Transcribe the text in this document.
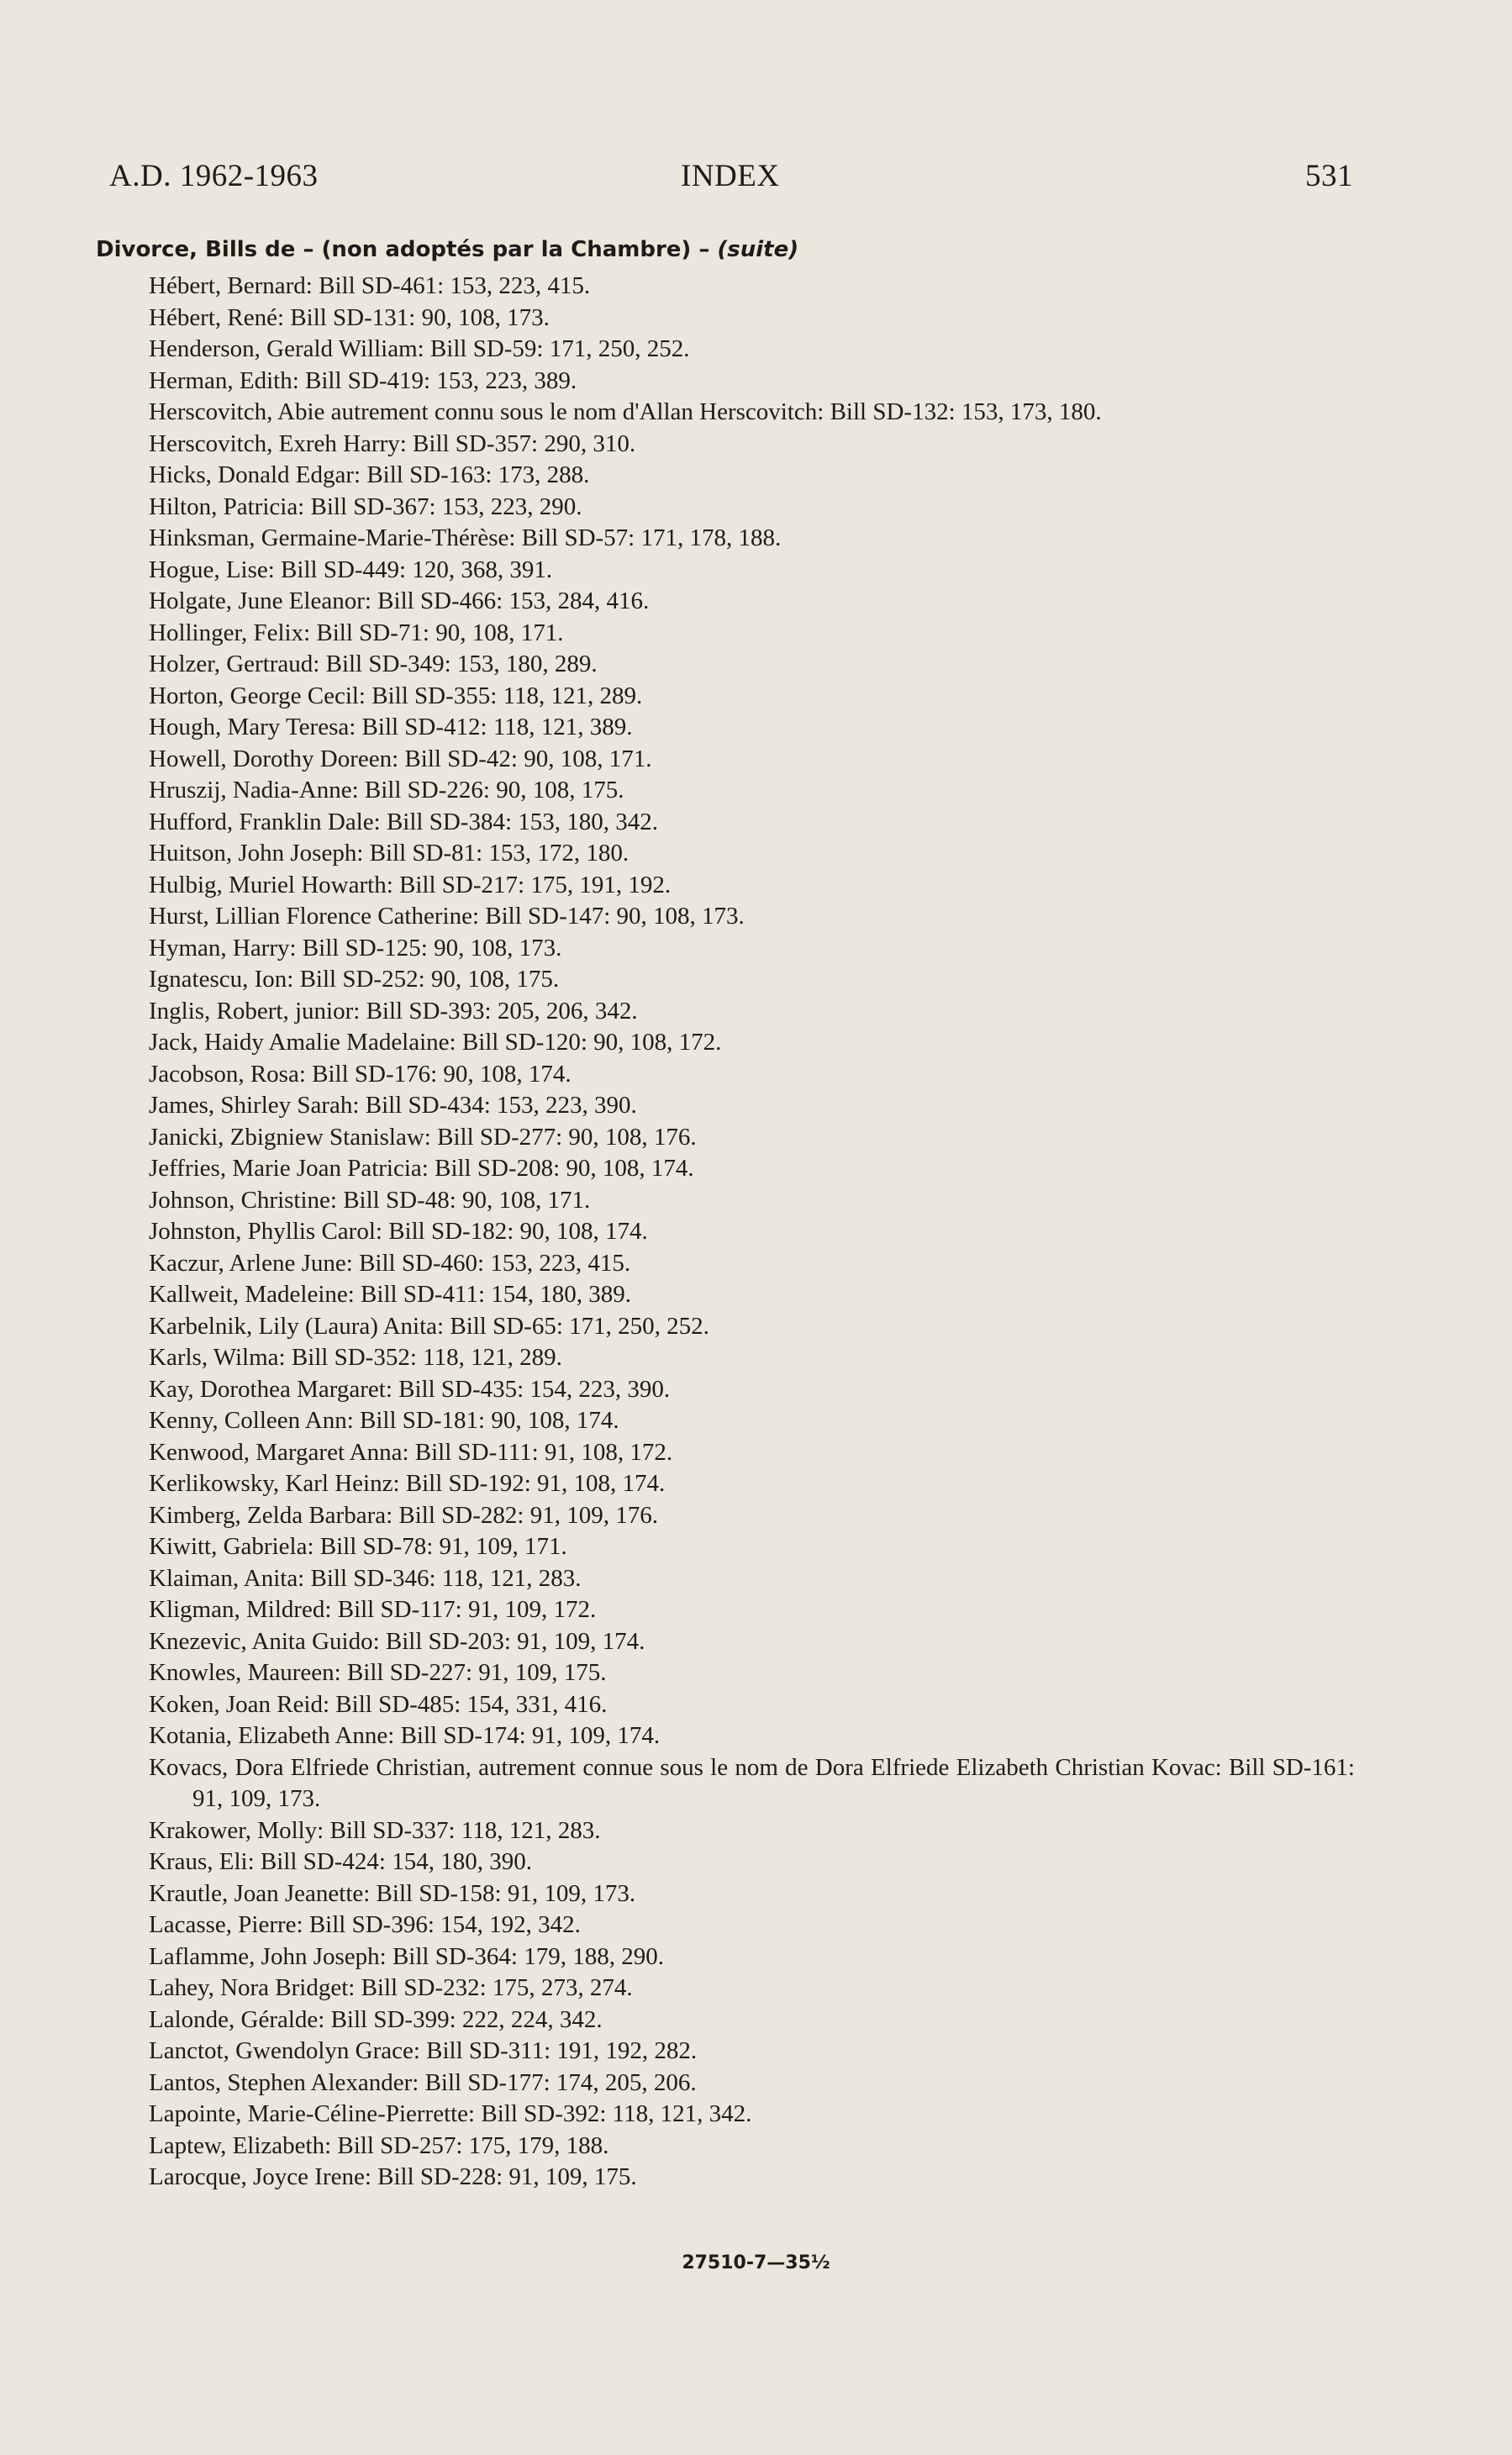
A.D. 1962-1963	INDEX	531
Divorce, Bills de – (non adoptés par la Chambre) – (suite)
Hébert, Bernard: Bill SD-461: 153, 223, 415.
Hébert, René: Bill SD-131: 90, 108, 173.
Henderson, Gerald William: Bill SD-59: 171, 250, 252.
Herman, Edith: Bill SD-419: 153, 223, 389.
Herscovitch, Abie autrement connu sous le nom d'Allan Herscovitch: Bill SD-132: 153, 173, 180.
Herscovitch, Exreh Harry: Bill SD-357: 290, 310.
Hicks, Donald Edgar: Bill SD-163: 173, 288.
Hilton, Patricia: Bill SD-367: 153, 223, 290.
Hinksman, Germaine-Marie-Thérèse: Bill SD-57: 171, 178, 188.
Hogue, Lise: Bill SD-449: 120, 368, 391.
Holgate, June Eleanor: Bill SD-466: 153, 284, 416.
Hollinger, Felix: Bill SD-71: 90, 108, 171.
Holzer, Gertraud: Bill SD-349: 153, 180, 289.
Horton, George Cecil: Bill SD-355: 118, 121, 289.
Hough, Mary Teresa: Bill SD-412: 118, 121, 389.
Howell, Dorothy Doreen: Bill SD-42: 90, 108, 171.
Hruszij, Nadia-Anne: Bill SD-226: 90, 108, 175.
Hufford, Franklin Dale: Bill SD-384: 153, 180, 342.
Huitson, John Joseph: Bill SD-81: 153, 172, 180.
Hulbig, Muriel Howarth: Bill SD-217: 175, 191, 192.
Hurst, Lillian Florence Catherine: Bill SD-147: 90, 108, 173.
Hyman, Harry: Bill SD-125: 90, 108, 173.
Ignatescu, Ion: Bill SD-252: 90, 108, 175.
Inglis, Robert, junior: Bill SD-393: 205, 206, 342.
Jack, Haidy Amalie Madelaine: Bill SD-120: 90, 108, 172.
Jacobson, Rosa: Bill SD-176: 90, 108, 174.
James, Shirley Sarah: Bill SD-434: 153, 223, 390.
Janicki, Zbigniew Stanislaw: Bill SD-277: 90, 108, 176.
Jeffries, Marie Joan Patricia: Bill SD-208: 90, 108, 174.
Johnson, Christine: Bill SD-48: 90, 108, 171.
Johnston, Phyllis Carol: Bill SD-182: 90, 108, 174.
Kaczur, Arlene June: Bill SD-460: 153, 223, 415.
Kallweit, Madeleine: Bill SD-411: 154, 180, 389.
Karbelnik, Lily (Laura) Anita: Bill SD-65: 171, 250, 252.
Karls, Wilma: Bill SD-352: 118, 121, 289.
Kay, Dorothea Margaret: Bill SD-435: 154, 223, 390.
Kenny, Colleen Ann: Bill SD-181: 90, 108, 174.
Kenwood, Margaret Anna: Bill SD-111: 91, 108, 172.
Kerlikowsky, Karl Heinz: Bill SD-192: 91, 108, 174.
Kimberg, Zelda Barbara: Bill SD-282: 91, 109, 176.
Kiwitt, Gabriela: Bill SD-78: 91, 109, 171.
Klaiman, Anita: Bill SD-346: 118, 121, 283.
Kligman, Mildred: Bill SD-117: 91, 109, 172.
Knezevic, Anita Guido: Bill SD-203: 91, 109, 174.
Knowles, Maureen: Bill SD-227: 91, 109, 175.
Koken, Joan Reid: Bill SD-485: 154, 331, 416.
Kotania, Elizabeth Anne: Bill SD-174: 91, 109, 174.
Kovacs, Dora Elfriede Christian, autrement connue sous le nom de Dora Elfriede Elizabeth Christian Kovac: Bill SD-161: 91, 109, 173.
Krakower, Molly: Bill SD-337: 118, 121, 283.
Kraus, Eli: Bill SD-424: 154, 180, 390.
Krautle, Joan Jeanette: Bill SD-158: 91, 109, 173.
Lacasse, Pierre: Bill SD-396: 154, 192, 342.
Laflamme, John Joseph: Bill SD-364: 179, 188, 290.
Lahey, Nora Bridget: Bill SD-232: 175, 273, 274.
Lalonde, Géralde: Bill SD-399: 222, 224, 342.
Lanctot, Gwendolyn Grace: Bill SD-311: 191, 192, 282.
Lantos, Stephen Alexander: Bill SD-177: 174, 205, 206.
Lapointe, Marie-Céline-Pierrette: Bill SD-392: 118, 121, 342.
Laptew, Elizabeth: Bill SD-257: 175, 179, 188.
Larocque, Joyce Irene: Bill SD-228: 91, 109, 175.
27510-7—35½
